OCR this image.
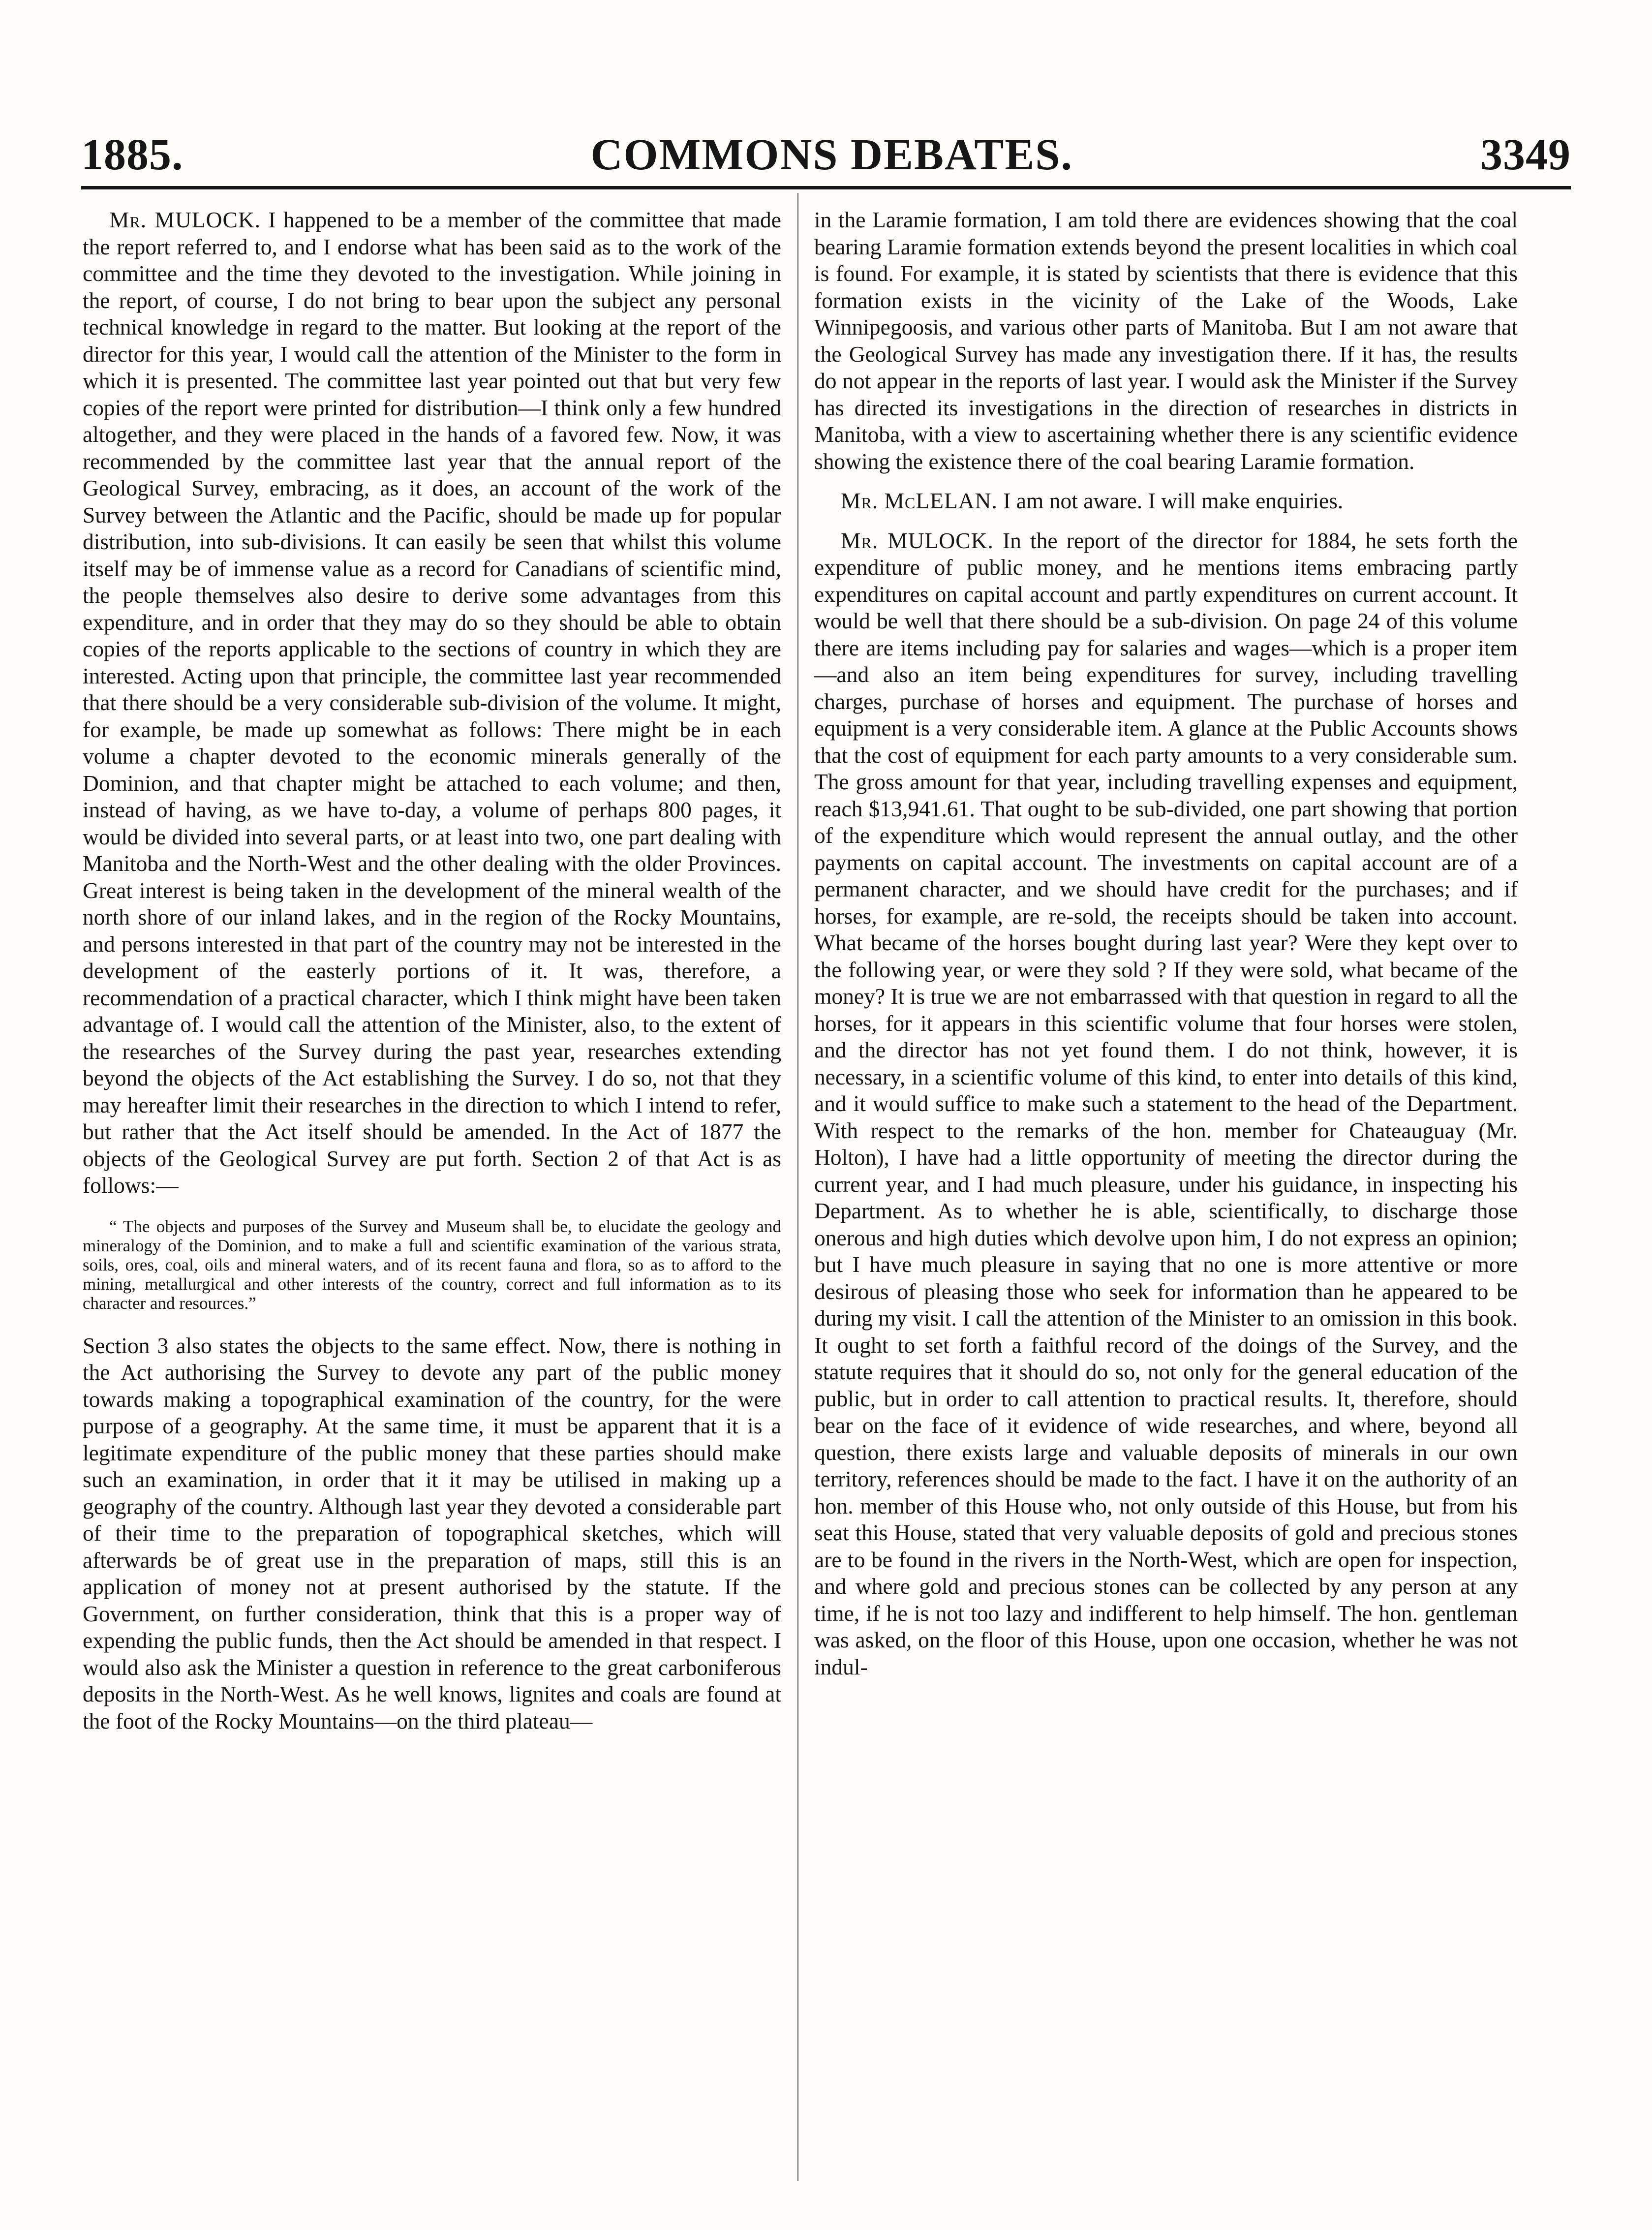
1885.	COMMONS DEBATES.	3349

Mr. MULOCK. I happened to be a member of the committee that made the report referred to, and I endorse what has been said as to the work of the committee and the time they devoted to the investigation. While joining in the report, of course, I do not bring to bear upon the subject any personal technical knowledge in regard to the matter. But looking at the report of the director for this year, I would call the attention of the Minister to the form in which it is presented. The committee last year pointed out that but very few copies of the report were printed for distribution—I think only a few hundred altogether, and they were placed in the hands of a favored few. Now, it was recommended by the committee last year that the annual report of the Geological Survey, embracing, as it does, an account of the work of the Survey between the Atlantic and the Pacific, should be made up for popular distribution, into sub-divisions. It can easily be seen that whilst this volume itself may be of immense value as a record for Canadians of scientific mind, the people themselves also desire to derive some advantages from this expenditure, and in order that they may do so they should be able to obtain copies of the reports applicable to the sections of country in which they are interested. Acting upon that principle, the committee last year recommended that there should be a very considerable sub-division of the volume. It might, for example, be made up somewhat as follows: There might be in each volume a chapter devoted to the economic minerals generally of the Dominion, and that chapter might be attached to each volume; and then, instead of having, as we have to-day, a volume of perhaps 800 pages, it would be divided into several parts, or at least into two, one part dealing with Manitoba and the North-West and the other dealing with the older Provinces. Great interest is being taken in the development of the mineral wealth of the north shore of our inland lakes, and in the region of the Rocky Mountains, and persons interested in that part of the country may not be interested in the development of the easterly portions of it. It was, therefore, a recommendation of a practical character, which I think might have been taken advantage of. I would call the attention of the Minister, also, to the extent of the researches of the Survey during the past year, researches extending beyond the objects of the Act establishing the Survey. I do so, not that they may hereafter limit their researches in the direction to which I intend to refer, but rather that the Act itself should be amended. In the Act of 1877 the objects of the Geological Survey are put forth. Section 2 of that Act is as follows:—

“ The objects and purposes of the Survey and Museum shall be, to elucidate the geology and mineralogy of the Dominion, and to make a full and scientific examination of the various strata, soils, ores, coal, oils and mineral waters, and of its recent fauna and flora, so as to afford to the mining, metallurgical and other interests of the country, correct and full information as to its character and resources.”

Section 3 also states the objects to the same effect. Now, there is nothing in the Act authorising the Survey to devote any part of the public money towards making a topographical examination of the country, for the were purpose of a geography. At the same time, it must be apparent that it is a legitimate expenditure of the public money that these parties should make such an examination, in order that it it may be utilised in making up a geography of the country. Although last year they devoted a considerable part of their time to the preparation of topographical sketches, which will afterwards be of great use in the preparation of maps, still this is an application of money not at present authorised by the statute. If the Government, on further consideration, think that this is a proper way of expending the public funds, then the Act should be amended in that respect. I would also ask the Minister a question in reference to the great carboniferous deposits in the North-West. As he well knows, lignites and coals are found at the foot of the Rocky Mountains—on the third plateau—

in the Laramie formation, I am told there are evidences showing that the coal bearing Laramie formation extends beyond the present localities in which coal is found. For example, it is stated by scientists that there is evidence that this formation exists in the vicinity of the Lake of the Woods, Lake Winnipegoosis, and various other parts of Manitoba. But I am not aware that the Geological Survey has made any investigation there. If it has, the results do not appear in the reports of last year. I would ask the Minister if the Survey has directed its investigations in the direction of researches in districts in Manitoba, with a view to ascertaining whether there is any scientific evidence showing the existence there of the coal bearing Laramie formation.

Mr. McLELAN. I am not aware. I will make enquiries.

Mr. MULOCK. In the report of the director for 1884, he sets forth the expenditure of public money, and he mentions items embracing partly expenditures on capital account and partly expenditures on current account. It would be well that there should be a sub-division. On page 24 of this volume there are items including pay for salaries and wages—which is a proper item—and also an item being expenditures for survey, including travelling charges, purchase of horses and equipment. The purchase of horses and equipment is a very considerable item. A glance at the Public Accounts shows that the cost of equipment for each party amounts to a very considerable sum. The gross amount for that year, including travelling expenses and equipment, reach $13,941.61. That ought to be sub-divided, one part showing that portion of the expenditure which would represent the annual outlay, and the other payments on capital account. The investments on capital account are of a permanent character, and we should have credit for the purchases; and if horses, for example, are re-sold, the receipts should be taken into account. What became of the horses bought during last year? Were they kept over to the following year, or were they sold ? If they were sold, what became of the money? It is true we are not embarrassed with that question in regard to all the horses, for it appears in this scientific volume that four horses were stolen, and the director has not yet found them. I do not think, however, it is necessary, in a scientific volume of this kind, to enter into details of this kind, and it would suffice to make such a statement to the head of the Department. With respect to the remarks of the hon. member for Chateauguay (Mr. Holton), I have had a little opportunity of meeting the director during the current year, and I had much pleasure, under his guidance, in inspecting his Department. As to whether he is able, scientifically, to discharge those onerous and high duties which devolve upon him, I do not express an opinion; but I have much pleasure in saying that no one is more attentive or more desirous of pleasing those who seek for information than he appeared to be during my visit. I call the attention of the Minister to an omission in this book. It ought to set forth a faithful record of the doings of the Survey, and the statute requires that it should do so, not only for the general education of the public, but in order to call attention to practical results. It, therefore, should bear on the face of it evidence of wide researches, and where, beyond all question, there exists large and valuable deposits of minerals in our own territory, references should be made to the fact. I have it on the authority of an hon. member of this House who, not only outside of this House, but from his seat this House, stated that very valuable deposits of gold and precious stones are to be found in the rivers in the North-West, which are open for inspection, and where gold and precious stones can be collected by any person at any time, if he is not too lazy and indifferent to help himself. The hon. gentleman was asked, on the floor of this House, upon one occasion, whether he was not indul-
